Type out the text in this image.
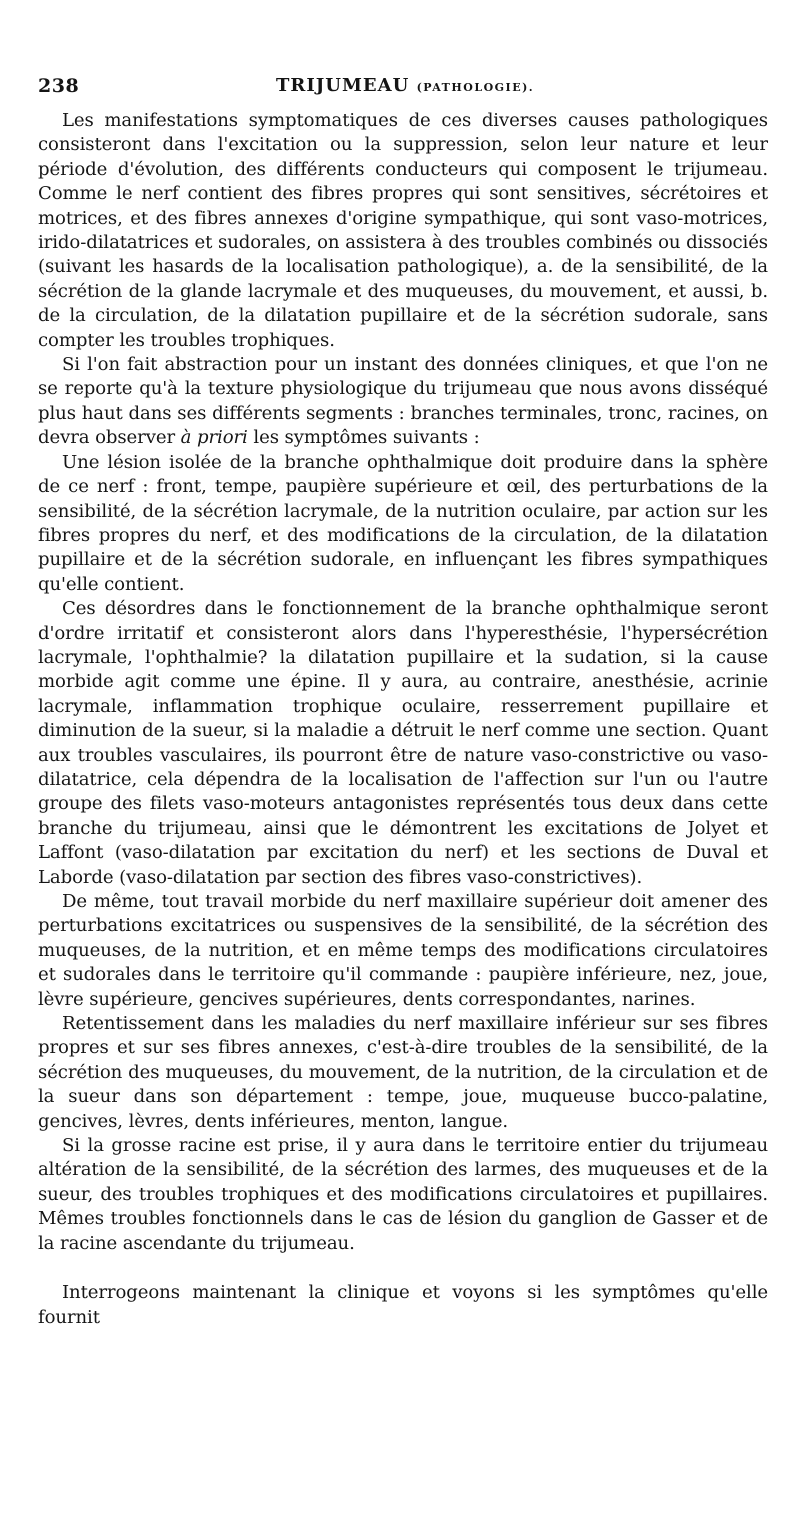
238	TRIJUMEAU (PATHOLOGIE).

Les manifestations symptomatiques de ces diverses causes pathologiques consisteront dans l'excitation ou la suppression, selon leur nature et leur période d'évolution, des différents conducteurs qui composent le trijumeau. Comme le nerf contient des fibres propres qui sont sensitives, sécrétoires et motrices, et des fibres annexes d'origine sympathique, qui sont vaso-motrices, irido-dilatatrices et sudorales, on assistera à des troubles combinés ou dissociés (suivant les hasards de la localisation pathologique), a. de la sensibilité, de la sécrétion de la glande lacrymale et des muqueuses, du mouvement, et aussi, b. de la circulation, de la dilatation pupillaire et de la sécrétion sudorale, sans compter les troubles trophiques.

Si l'on fait abstraction pour un instant des données cliniques, et que l'on ne se reporte qu'à la texture physiologique du trijumeau que nous avons disséqué plus haut dans ses différents segments : branches terminales, tronc, racines, on devra observer à priori les symptômes suivants :

Une lésion isolée de la branche ophthalmique doit produire dans la sphère de ce nerf : front, tempe, paupière supérieure et œil, des perturbations de la sensibilité, de la sécrétion lacrymale, de la nutrition oculaire, par action sur les fibres propres du nerf, et des modifications de la circulation, de la dilatation pupillaire et de la sécrétion sudorale, en influençant les fibres sympathiques qu'elle contient.

Ces désordres dans le fonctionnement de la branche ophthalmique seront d'ordre irritatif et consisteront alors dans l'hyperesthésie, l'hypersécrétion lacrymale, l'ophthalmie? la dilatation pupillaire et la sudation, si la cause morbide agit comme une épine. Il y aura, au contraire, anesthésie, acrinie lacrymale, inflammation trophique oculaire, resserrement pupillaire et diminution de la sueur, si la maladie a détruit le nerf comme une section. Quant aux troubles vasculaires, ils pourront être de nature vaso-constrictive ou vaso-dilatatrice, cela dépendra de la localisation de l'affection sur l'un ou l'autre groupe des filets vaso-moteurs antagonistes représentés tous deux dans cette branche du trijumeau, ainsi que le démontrent les excitations de Jolyet et Laffont (vaso-dilatation par excitation du nerf) et les sections de Duval et Laborde (vaso-dilatation par section des fibres vaso-constrictives).

De même, tout travail morbide du nerf maxillaire supérieur doit amener des perturbations excitatrices ou suspensives de la sensibilité, de la sécrétion des muqueuses, de la nutrition, et en même temps des modifications circulatoires et sudorales dans le territoire qu'il commande : paupière inférieure, nez, joue, lèvre supérieure, gencives supérieures, dents correspondantes, narines.

Retentissement dans les maladies du nerf maxillaire inférieur sur ses fibres propres et sur ses fibres annexes, c'est-à-dire troubles de la sensibilité, de la sécrétion des muqueuses, du mouvement, de la nutrition, de la circulation et de la sueur dans son département : tempe, joue, muqueuse bucco-palatine, gencives, lèvres, dents inférieures, menton, langue.

Si la grosse racine est prise, il y aura dans le territoire entier du trijumeau altération de la sensibilité, de la sécrétion des larmes, des muqueuses et de la sueur, des troubles trophiques et des modifications circulatoires et pupillaires. Mêmes troubles fonctionnels dans le cas de lésion du ganglion de Gasser et de la racine ascendante du trijumeau.

Interrogeons maintenant la clinique et voyons si les symptômes qu'elle fournit
